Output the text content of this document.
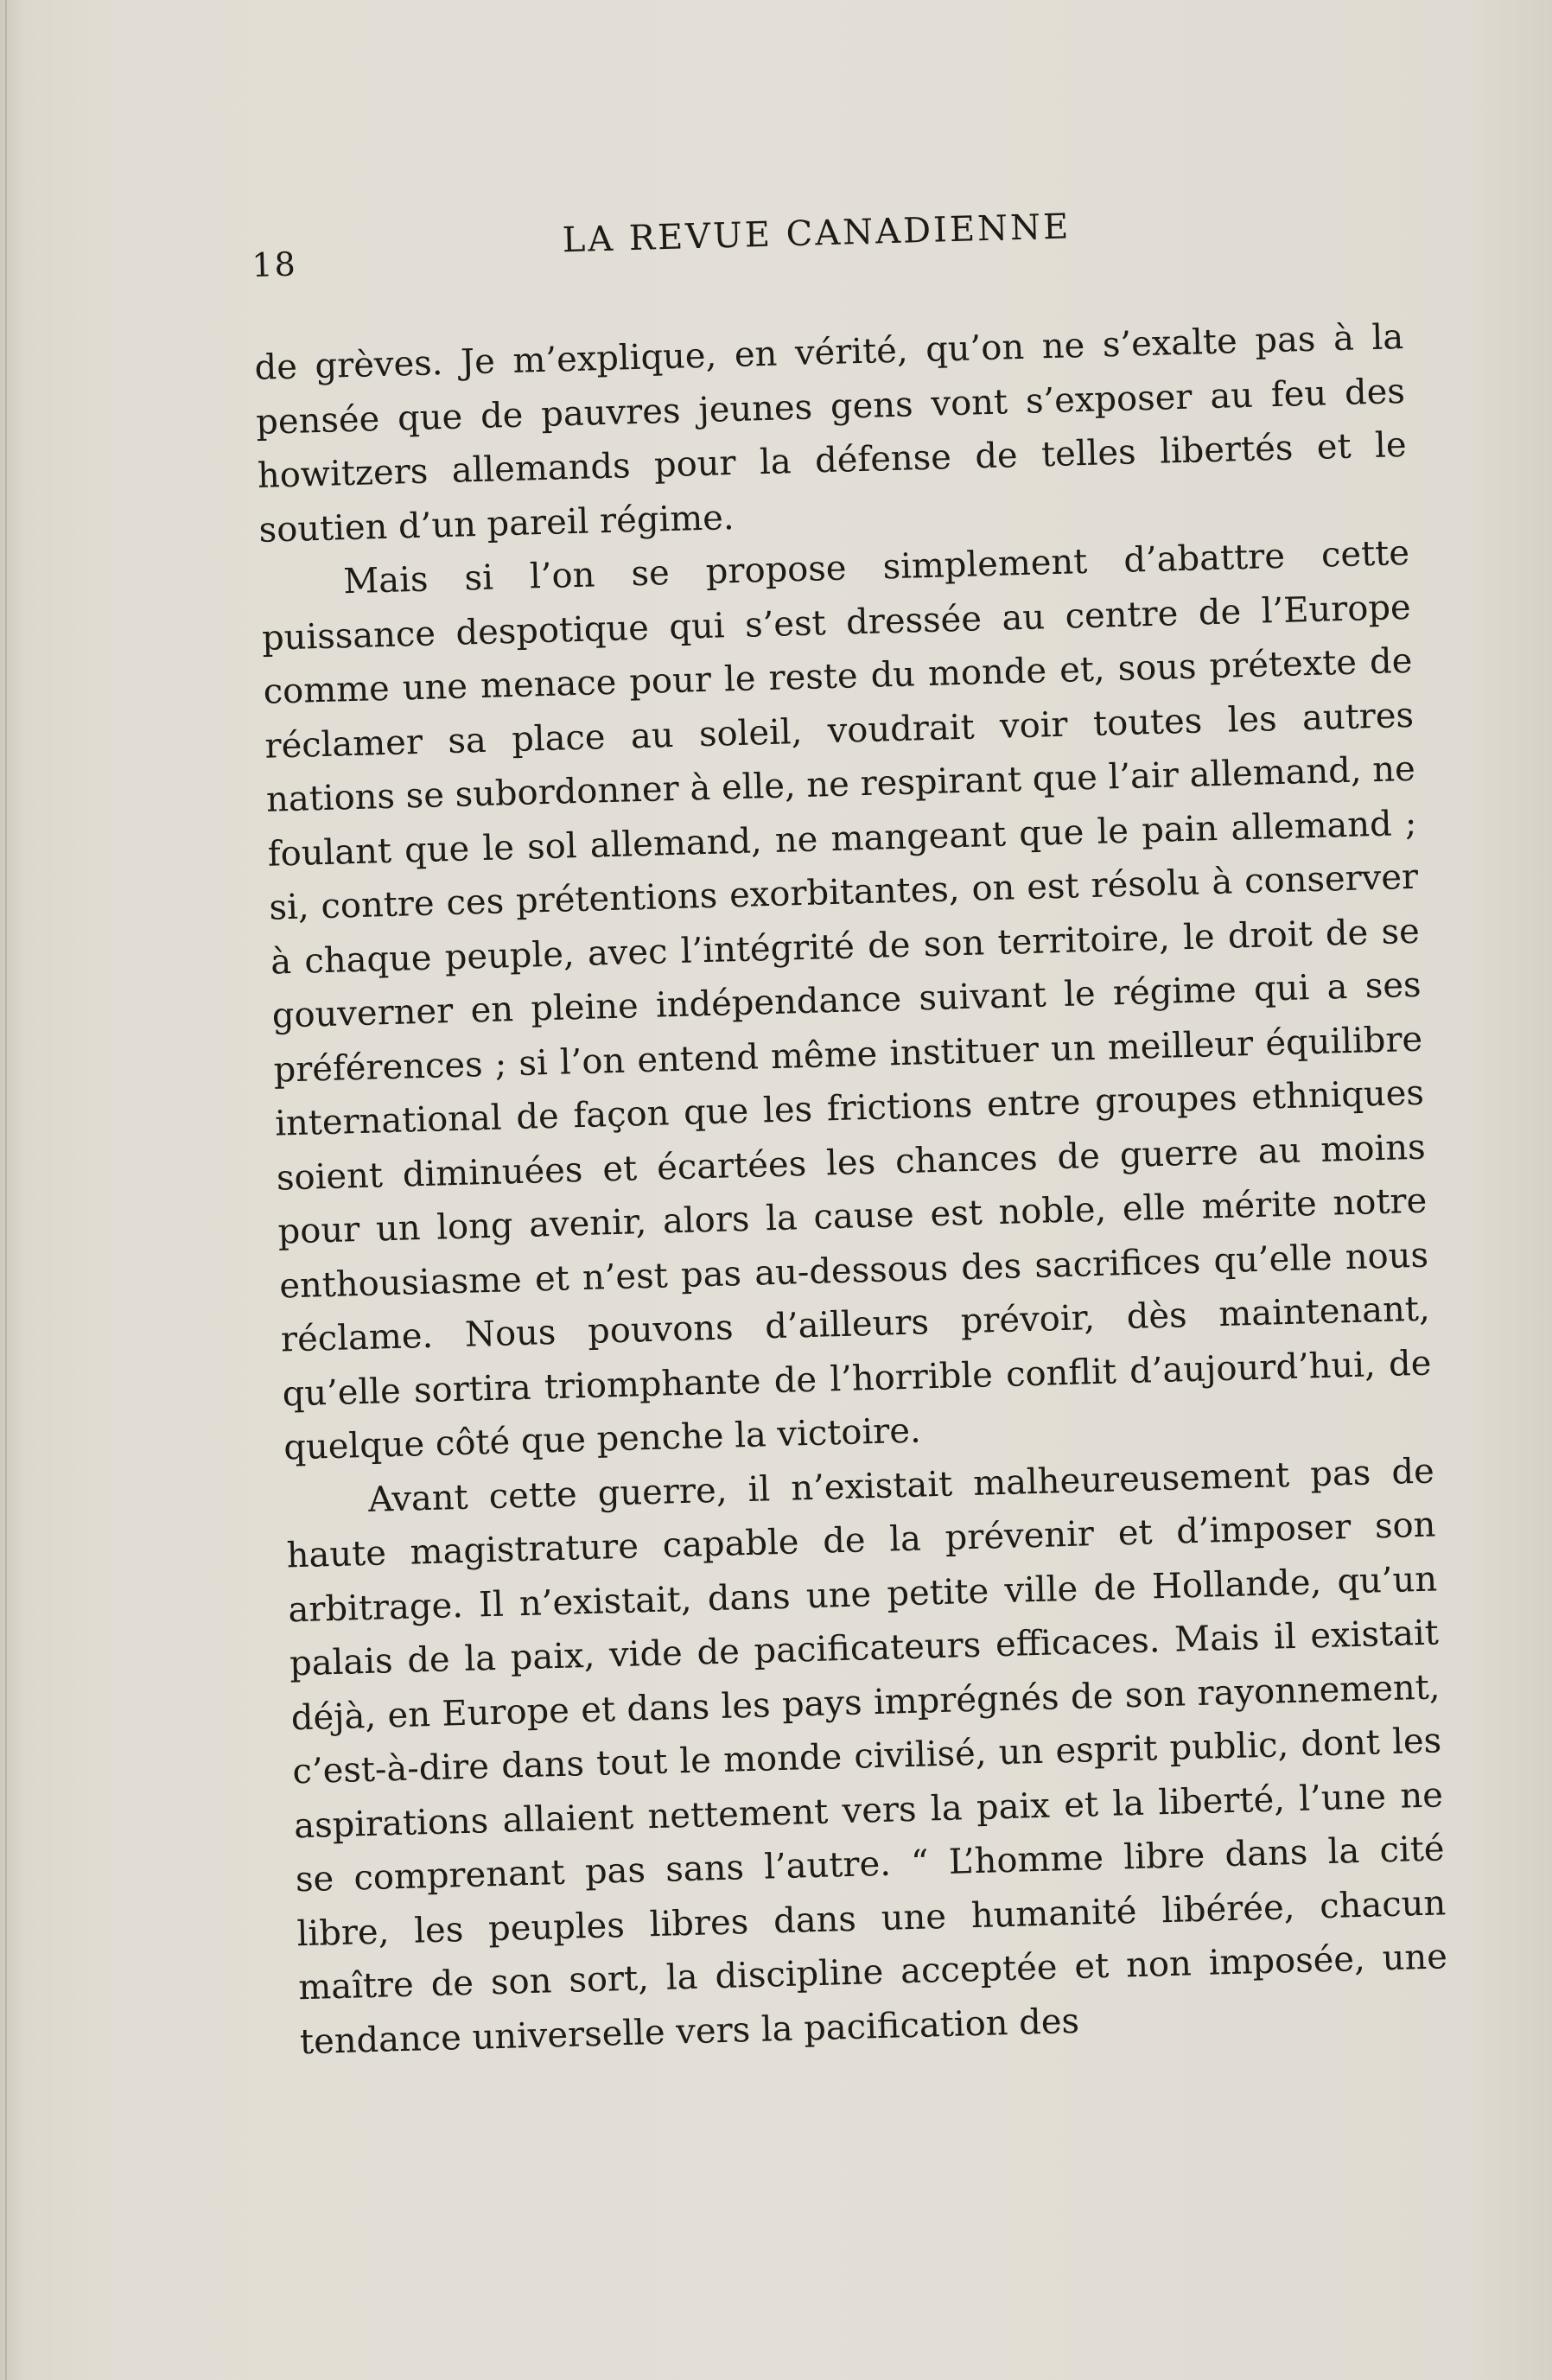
18
LA REVUE CANADIENNE

de grèves. Je m’explique, en vérité, qu’on ne s’exalte pas à la pensée que de pauvres jeunes gens vont s’exposer au feu des howitzers allemands pour la défense de telles libertés et le soutien d’un pareil régime.

Mais si l’on se propose simplement d’abattre cette puissance despotique qui s’est dressée au centre de l’Europe comme une menace pour le reste du monde et, sous prétexte de réclamer sa place au soleil, voudrait voir toutes les autres nations se subordonner à elle, ne respirant que l’air allemand, ne foulant que le sol allemand, ne mangeant que le pain allemand ; si, contre ces prétentions exorbitantes, on est résolu à conserver à chaque peuple, avec l’intégrité de son territoire, le droit de se gouverner en pleine indépendance suivant le régime qui a ses préférences ; si l’on entend même instituer un meilleur équilibre international de façon que les frictions entre groupes ethniques soient diminuées et écartées les chances de guerre au moins pour un long avenir, alors la cause est noble, elle mérite notre enthousiasme et n’est pas au-dessous des sacrifices qu’elle nous réclame. Nous pouvons d’ailleurs prévoir, dès maintenant, qu’elle sortira triomphante de l’horrible conflit d’aujourd’hui, de quelque côté que penche la victoire.

Avant cette guerre, il n’existait malheureusement pas de haute magistrature capable de la prévenir et d’imposer son arbitrage. Il n’existait, dans une petite ville de Hollande, qu’un palais de la paix, vide de pacificateurs efficaces. Mais il existait déjà, en Europe et dans les pays imprégnés de son rayonnement, c’est-à-dire dans tout le monde civilisé, un esprit public, dont les aspirations allaient nettement vers la paix et la liberté, l’une ne se comprenant pas sans l’autre. “ L’homme libre dans la cité libre, les peuples libres dans une humanité libérée, chacun maître de son sort, la discipline acceptée et non imposée, une tendance universelle vers la pacification des
